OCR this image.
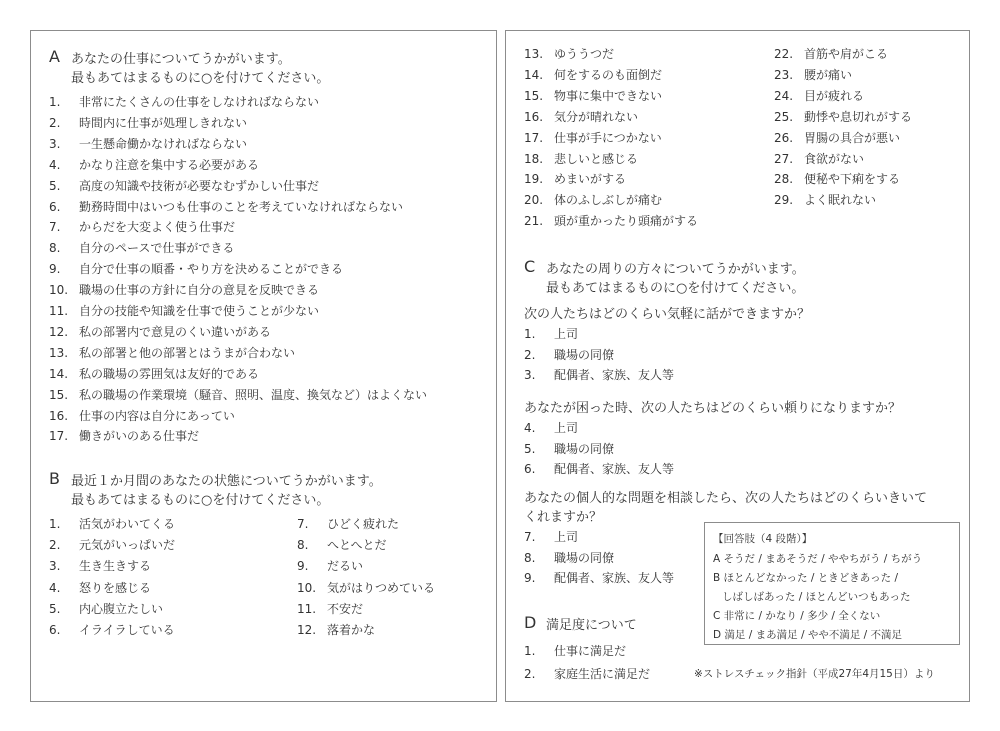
A あなたの仕事についてうかがいます。
最もあてはまるものに○を付けてください。
1. 非常にたくさんの仕事をしなければならない
2. 時間内に仕事が処理しきれない
3. 一生懸命働かなければならない
4. かなり注意を集中する必要がある
5. 高度の知識や技術が必要なむずかしい仕事だ
6. 勤務時間中はいつも仕事のことを考えていなければならない
7. からだを大変よく使う仕事だ
8. 自分のペースで仕事ができる
9. 自分で仕事の順番・やり方を決めることができる
10. 職場の仕事の方針に自分の意見を反映できる
11. 自分の技能や知識を仕事で使うことが少ない
12. 私の部署内で意見のくい違いがある
13. 私の部署と他の部署とはうまが合わない
14. 私の職場の雰囲気は友好的である
15. 私の職場の作業環境（騒音、照明、温度、換気など）はよくない
16. 仕事の内容は自分にあってい
17. 働きがいのある仕事だ
B 最近１か月間のあなたの状態についてうかがいます。
最もあてはまるものに○を付けてください。
1. 活気がわいてくる
2. 元気がいっぱいだ
3. 生き生きする
4. 怒りを感じる
5. 内心腹立たしい
6. イライラしている
7. ひどく疲れた
8. へとへとだ
9. だるい
10. 気がはりつめている
11. 不安だ
12. 落着かな
13. ゆううつだ
14. 何をするのも面倒だ
15. 物事に集中できない
16. 気分が晴れない
17. 仕事が手につかない
18. 悲しいと感じる
19. めまいがする
20. 体のふしぶしが痛む
21. 頭が重かったり頭痛がする
22. 首筋や肩がこる
23. 腰が痛い
24. 目が疲れる
25. 動悸や息切れがする
26. 胃腸の具合が悪い
27. 食欲がない
28. 便秘や下痢をする
29. よく眠れない
C あなたの周りの方々についてうかがいます。
最もあてはまるものに○を付けてください。
次の人たちはどのくらい気軽に話ができますか？
1. 上司
2. 職場の同僚
3. 配偶者、家族、友人等
あなたが困った時、次の人たちはどのくらい頼りになりますか？
4. 上司
5. 職場の同僚
6. 配偶者、家族、友人等
あなたの個人的な問題を相談したら、次の人たちはどのくらいきいて
くれますか？
7. 上司
8. 職場の同僚
9. 配偶者、家族、友人等
D 満足度について
1. 仕事に満足だ
2. 家庭生活に満足だ
【回答肢（4 段階）】
A そうだ / まあそうだ / ややちがう / ちがう
B ほとんどなかった / ときどきあった /
しばしばあった / ほとんどいつもあった
C 非常に / かなり / 多少 / 全くない
D 満足 / まあ満足 / やや不満足 / 不満足
※ストレスチェック指針（平成27年4月15日）より
